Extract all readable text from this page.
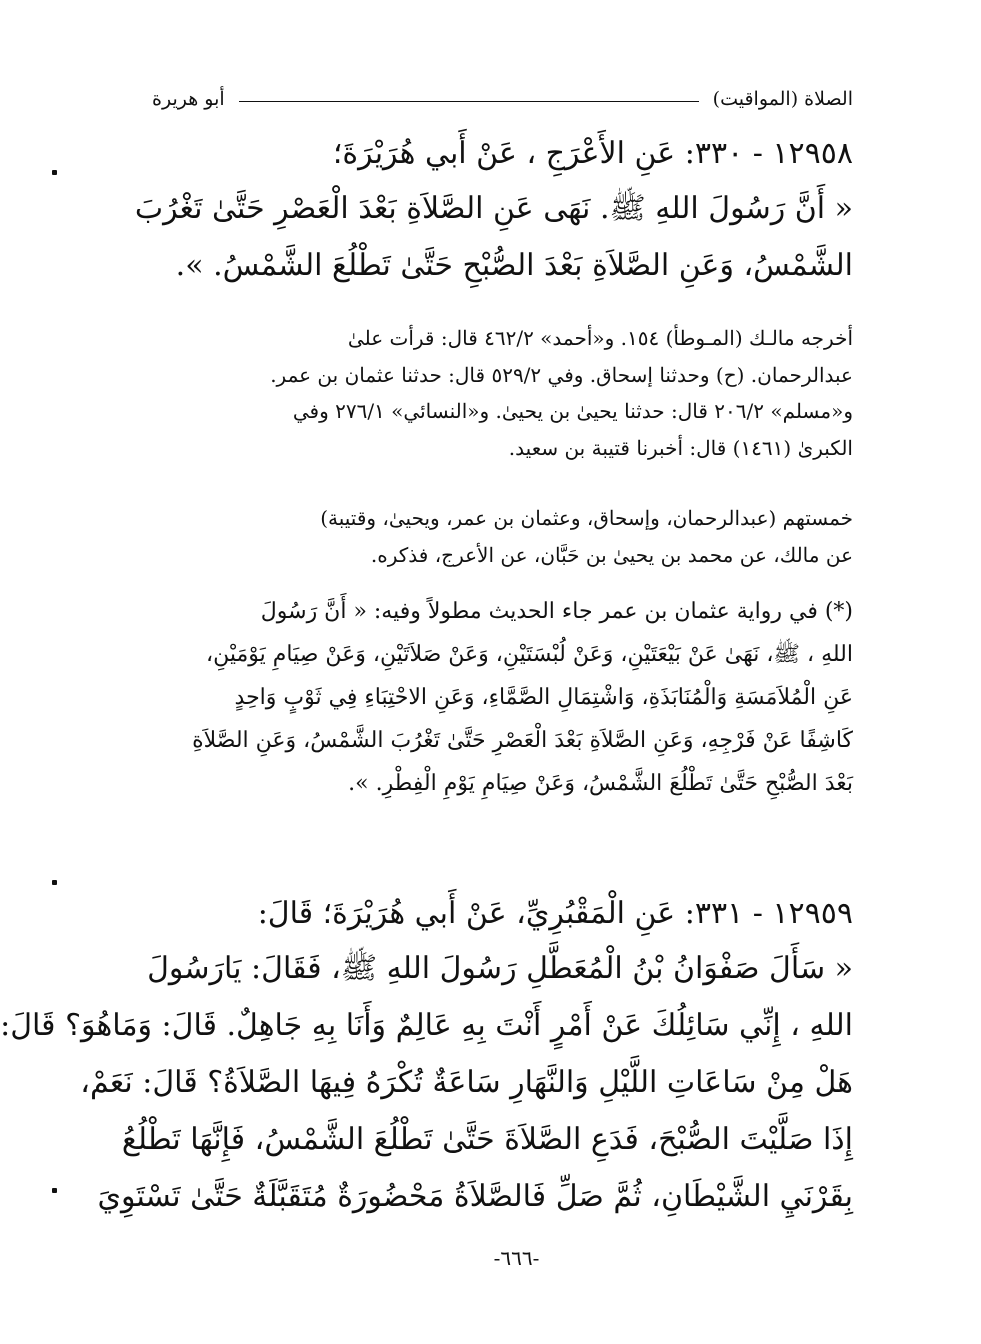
الصلاة (المواقيت)
أبو هريرة
١٢٩٥٨ - ٣٣٠: عَنِ الأَعْرَجِ ، عَنْ أَبي هُرَيْرَةَ؛
« أَنَّ رَسُولَ اللهِ ﷺ. نَهَى عَنِ الصَّلاَةِ بَعْدَ الْعَصْرِ حَتَّىٰ تَغْرُبَ
الشَّمْسُ، وَعَنِ الصَّلاَةِ بَعْدَ الصُّبْحِ حَتَّىٰ تَطْلُعَ الشَّمْسُ. ».
أخرجه مالـك (المـوطأ) ١٥٤. و«أحمد» ٤٦٢/٢ قال: قرأت علىٰ
عبدالرحمان. (ح) وحدثنا إسحاق. وفي ٥٢٩/٢ قال: حدثنا عثمان بن عمر.
و«مسلم» ٢٠٦/٢ قال: حدثنا يحيىٰ بن يحيىٰ. و«النسائي» ٢٧٦/١ وفي
الكبرىٰ (١٤٦١) قال: أخبرنا قتيبة بن سعيد.
خمستهم (عبدالرحمان، وإسحاق، وعثمان بن عمر، ويحيىٰ، وقتيبة)
عن مالك، عن محمد بن يحيىٰ بن حَبَّان، عن الأعرج، فذكره.
(*) في رواية عثمان بن عمر جاء الحديث مطولاً وفيه: « أَنَّ رَسُولَ
اللهِ ، ﷺ، نَهَىٰ عَنْ بَيْعَتَيْنِ، وَعَنْ لُبْسَتَيْنِ، وَعَنْ صَلاَتَيْنِ، وَعَنْ صِيَامِ يَوْمَيْنِ،
عَنِ الْمُلاَمَسَةِ وَالْمُنَابَذَةِ، وَاشْتِمَالِ الصَّمَّاءِ، وَعَنِ الاحْتِبَاءِ فِي ثَوْبٍ وَاحِدٍ
كَاشِفًا عَنْ فَرْجِهِ، وَعَنِ الصَّلاَةِ بَعْدَ الْعَصْرِ حَتَّىٰ تَغْرُبَ الشَّمْسُ، وَعَنِ الصَّلاَةِ
بَعْدَ الصُّبْحِ حَتَّىٰ تَطْلُعَ الشَّمْسُ، وَعَنْ صِيَامِ يَوْمِ الْفِطْرِ. ».
١٢٩٥٩ - ٣٣١: عَنِ الْمَقْبُرِيِّ، عَنْ أَبي هُرَيْرَةَ؛ قَالَ:
« سَأَلَ صَفْوَانُ بْنُ الْمُعَطَّلِ رَسُولَ اللهِ ﷺ، فَقَالَ: يَارَسُولَ
اللهِ ، إِنِّي سَائِلُكَ عَنْ أَمْرٍ أَنْتَ بِهِ عَالِمٌ وَأَنَا بِهِ جَاهِلٌ. قَالَ: وَمَاهُوَ؟ قَالَ:
هَلْ مِنْ سَاعَاتِ اللَّيْلِ وَالنَّهَارِ سَاعَةٌ تُكْرَهُ فِيهَا الصَّلاَةُ؟ قَالَ: نَعَمْ،
إِذَا صَلَّيْتَ الصُّبْحَ، فَدَعِ الصَّلاَةَ حَتَّىٰ تَطْلُعَ الشَّمْسُ، فَإِنَّهَا تَطْلُعُ
بِقَرْنَيِ الشَّيْطَانِ، ثُمَّ صَلِّ فَالصَّلاَةُ مَحْضُورَةٌ مُتَقَبَّلَةٌ حَتَّىٰ تَسْتَوِيَ
-٦٦٦-
